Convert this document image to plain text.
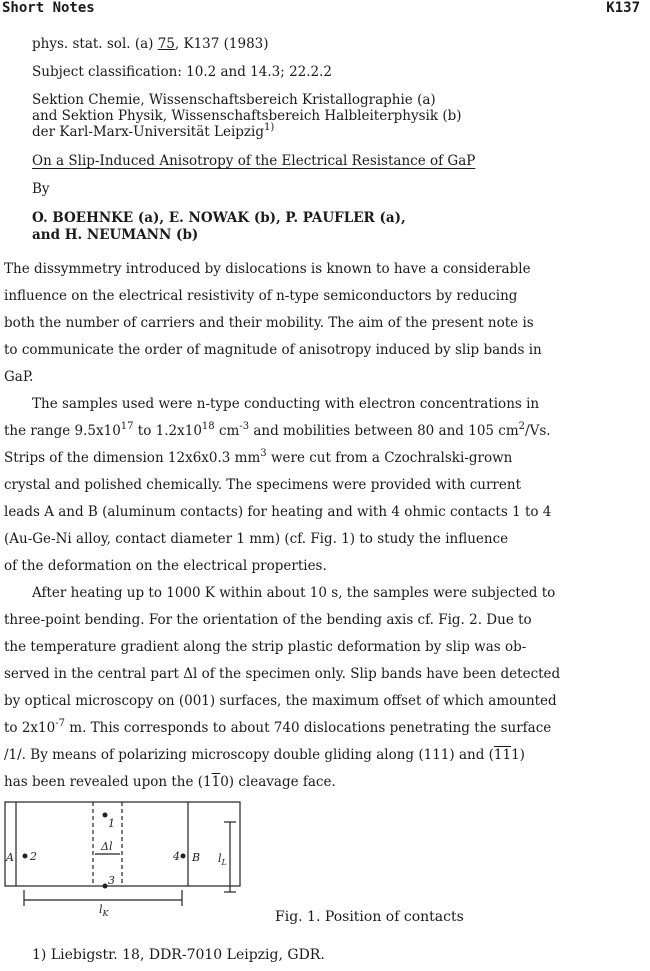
Short Notes	K137
phys. stat. sol. (a) 75, K137 (1983)
Subject classification: 10.2 and 14.3; 22.2.2
Sektion Chemie, Wissenschaftsbereich Kristallographie (a)
and Sektion Physik, Wissenschaftsbereich Halbleiterphysik (b)
der Karl-Marx-Universität Leipzig$^{1)}$
On a Slip-Induced Anisotropy of the Electrical Resistance of GaP
By
O. BOEHNKE (a), E. NOWAK (b), P. PAUFLER (a),
and H. NEUMANN (b)
The dissymmetry introduced by dislocations is known to have a considerable
influence on the electrical resistivity of n-type semiconductors by reducing
both the number of carriers and their mobility. The aim of the present note is
to communicate the order of magnitude of anisotropy induced by slip bands in
GaP.
The samples used were n-type conducting with electron concentrations in
the range $9.5x10^{17}$ to $1.2x10^{18}$ $cm^{-3}$ and mobilities between 80 and 105 $cm^2/Vs$.
Strips of the dimension 12x6x0.3 $mm^3$ were cut from a Czochralski-grown
crystal and polished chemically. The specimens were provided with current
leads A and B (aluminum contacts) for heating and with 4 ohmic contacts 1 to 4
(Au-Ge-Ni alloy, contact diameter 1 mm) (cf. Fig. 1) to study the influence
of the deformation on the electrical properties.
After heating up to 1000 K within about 10 s, the samples were subjected to
three-point bending. For the orientation of the bending axis cf. Fig. 2. Due to
the temperature gradient along the strip plastic deformation by slip was ob-
served in the central part Δl of the specimen only. Slip bands have been detected
by optical microscopy on (001) surfaces, the maximum offset of which amounted
to $2x10^{-7}$ m. This corresponds to about 740 dislocations penetrating the surface
/1/. By means of polarizing microscopy double gliding along (111) and (111)
has been revealed upon the (110) cleavage face.
A	B
1
2
3
4
Δl
$l_L$
$l_K$	Fig. 1. Position of contacts
1) Liebigstr. 18, DDR-7010 Leipzig, GDR.
